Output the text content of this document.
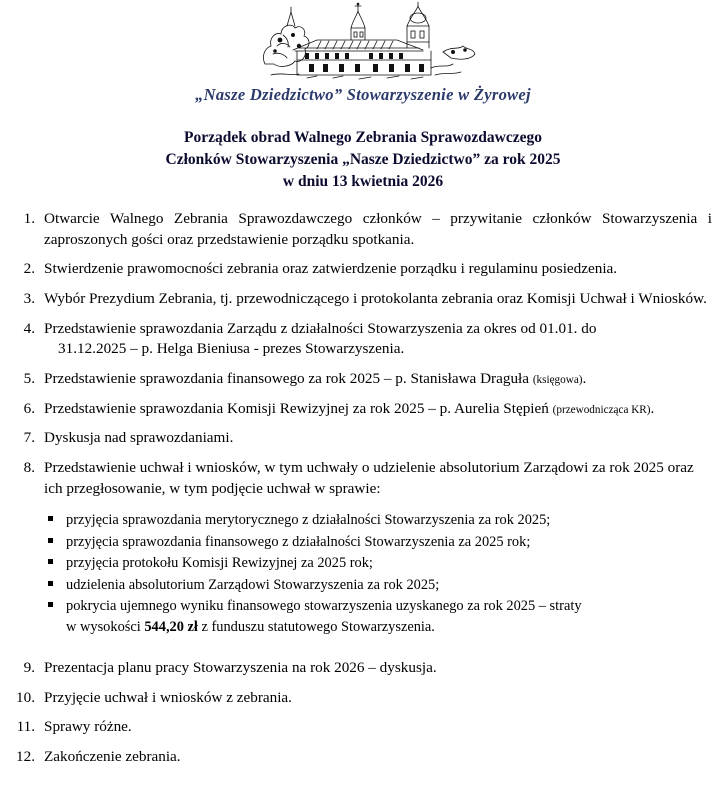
„Nasze Dziedzictwo” Stowarzyszenie w Żyrowej
Porządek obrad Walnego Zebrania Sprawozdawczego
Członków Stowarzyszenia „Nasze Dziedzictwo” za rok 2025
w dniu 13 kwietnia 2026
1. Otwarcie Walnego Zebrania Sprawozdawczego członków – przywitanie członków Stowarzyszenia i zaproszonych gości oraz przedstawienie porządku spotkania.
2. Stwierdzenie prawomocności zebrania oraz zatwierdzenie porządku i regulaminu posiedzenia.
3. Wybór Prezydium Zebrania, tj. przewodniczącego i protokolanta zebrania oraz Komisji Uchwał i Wniosków.
4. Przedstawienie sprawozdania Zarządu z działalności Stowarzyszenia za okres od 01.01. do 31.12.2025 – p. Helga Bieniusa - prezes Stowarzyszenia.
5. Przedstawienie sprawozdania finansowego za rok 2025 – p. Stanisława Draguła (księgowa).
6. Przedstawienie sprawozdania Komisji Rewizyjnej za rok 2025 – p. Aurelia Stępień (przewodnicząca KR).
7. Dyskusja nad sprawozdaniami.
8. Przedstawienie uchwał i wniosków, w tym uchwały o udzielenie absolutorium Zarządowi za rok 2025 oraz ich przegłosowanie, w tym podjęcie uchwał w sprawie:
przyjęcia sprawozdania merytorycznego z działalności Stowarzyszenia za rok 2025;
przyjęcia sprawozdania finansowego z działalności Stowarzyszenia za 2025 rok;
przyjęcia protokołu Komisji Rewizyjnej za 2025 rok;
udzielenia absolutorium Zarządowi Stowarzyszenia za rok 2025;
pokrycia ujemnego wyniku finansowego stowarzyszenia uzyskanego za rok 2025 – straty
w wysokości 544,20 zł z funduszu statutowego Stowarzyszenia.
9. Prezentacja planu pracy Stowarzyszenia na rok 2026 – dyskusja.
10. Przyjęcie uchwał i wniosków z zebrania.
11. Sprawy różne.
12. Zakończenie zebrania.
